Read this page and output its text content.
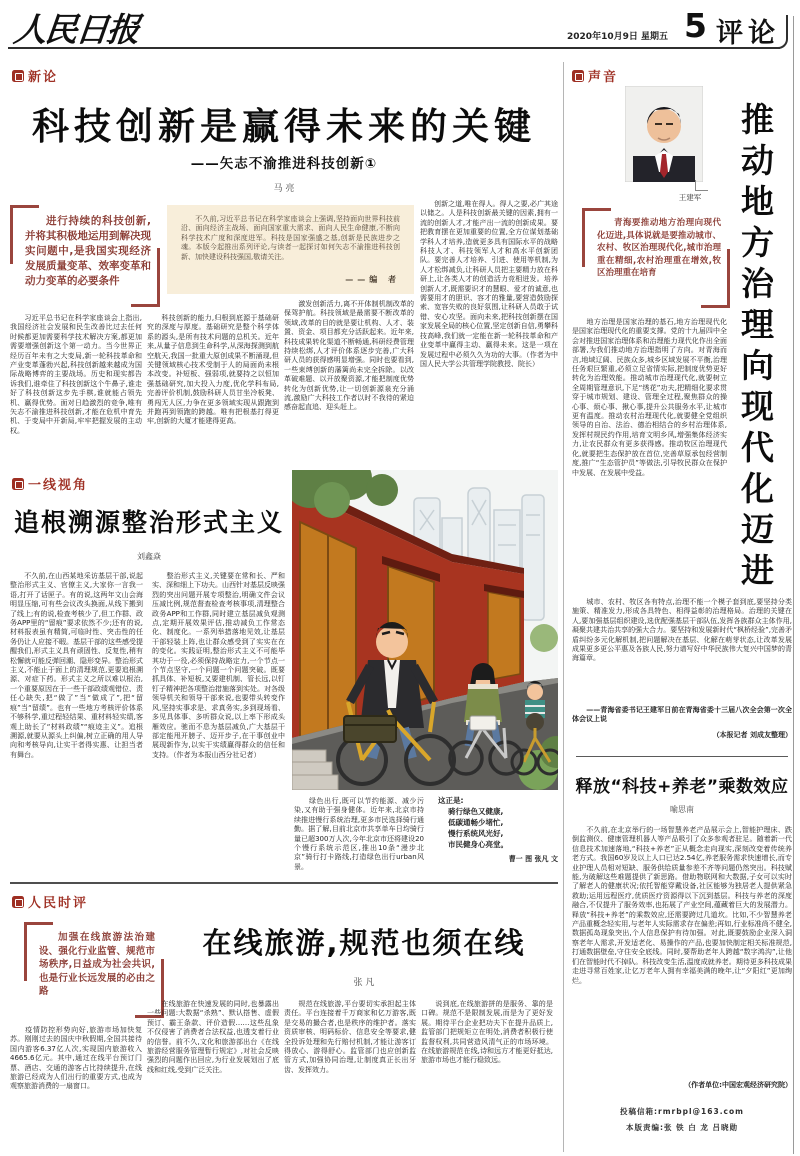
人民日报	2020年10月9日 星期五 5 评论
新论
科技创新是赢得未来的关键
——矢志不渝推进科技创新①
马 亮
进行持续的科技创新,并将其积极地运用到解决现实问题中,是我国实现经济发展质量变革、效率变革和动力变革的必要条件
　　不久前,习近平总书记在科学家座谈会上强调,坚持面向世界科技前沿、面向经济主战场、面向国家重大需求、面向人民生命健康,不断向科学技术广度和深度进军。科技是国家强盛之基,创新是民族进步之魂。本版今起推出系列评论,与读者一起探讨如何矢志不渝推进科技创新、加快建设科技强国,敬请关注。
——编 者
　　创新之道,唯在得人。得人之要,必广其途以储之。人是科技创新最关键的因素,拥有一流的创新人才,才能产出一流的创新成果。要把教育摆在更加重要的位置,全方位谋划基础学科人才培养,造就更多具有国际水平的战略科技人才、科技领军人才和高水平创新团队。要完善人才培养、引进、使用等机制,为人才松绑减负,让科研人员把主要精力放在科研上,让各类人才的创造活力竞相迸发。培养创新人才,既需要识才的慧眼、爱才的诚意,也需要用才的胆识、容才的雅量,要营造鼓励探索、宽容失败的良好氛围,让科研人员敢于试错、安心攻坚。面向未来,把科技创新摆在国家发展全局的核心位置,坚定创新自信,勇攀科技高峰,我们就一定能在新一轮科技革命和产业变革中赢得主动、赢得未来。这是一项在发展过程中必须久久为功的大事。（作者为中国人民大学公共管理学院教授、院长）
　　习近平总书记在科学家座谈会上指出,我国经济社会发展和民生改善比过去任何时候都更加需要科学技术解决方案,都更加需要增强创新这个第一动力。当今世界正经历百年未有之大变局,新一轮科技革命和产业变革蓬勃兴起,科技创新越来越成为国际战略博弈的主要战场。历史和现实都告诉我们,谁牵住了科技创新这个牛鼻子,谁走好了科技创新这步先手棋,谁就能占领先机、赢得优势。面对日趋激烈的竞争,唯有矢志不渝推进科技创新,才能在危机中育先机、于变局中开新局,牢牢把握发展的主动权。
　　科技创新的能力,归根到底源于基础研究的深度与厚度。基础研究是整个科学体系的源头,是所有技术问题的总机关。近年来,从量子信息到生命科学,从深海探测到航空航天,我国一批重大原创成果不断涌现,但关键领域核心技术受制于人的局面尚未根本改变。补短板、强弱项,就要持之以恒加强基础研究,加大投入力度,优化学科布局,完善评价机制,鼓励科研人员甘坐冷板凳、勇闯无人区,力争在更多领域实现从跟跑到并跑再到领跑的跨越。唯有把根基打得更牢,创新的大厦才能建得更高。
　　激发创新活力,离不开体制机制改革的保驾护航。科技领域是最需要不断改革的领域,改革的目的就是要让机构、人才、装置、资金、项目都充分活跃起来。近年来,科技成果转化渠道不断畅通,科研经费管理持续松绑,人才评价体系逐步完善,广大科研人员的获得感明显增强。同时也要看到,一些束缚创新的藩篱尚未完全拆除。以改革破难题、以开放聚资源,才能把制度优势转化为创新优势,让一切创新源泉充分涌流,激励广大科技工作者以时不我待的紧迫感奋起直追、迎头赶上。
一线视角
追根溯源整治形式主义
刘鑫焱
　　不久前,在山西某地采访基层干部,说起整治形式主义、官僚主义,大家你一言我一语,打开了话匣子。有的说,这两年文山会海明显压缩,可有些会议改头换面,从线下搬到了线上;有的说,检查考核少了,但工作群、政务APP里的“留痕”要求依然不少;还有的说,材料报表虽有精简,可临时性、突击性的任务仍让人应接不暇。基层干部的这些感受提醒我们,形式主义具有顽固性、反复性,稍有松懈就可能反弹回潮、隐形变异。整治形式主义,不能止于面上的清理规范,更要追根溯源、对症下药。形式主义之所以难以根治,一个重要原因在于一些干部政绩观错位、责任心缺失,把“做了”当“做成了”,把“留痕”当“留绩”。也有一些地方考核评价体系不够科学,重过程轻结果、重材料轻实绩,客观上助长了“材料政绩”“痕迹主义”。追根溯源,就要从源头上纠偏,树立正确的用人导向和考核导向,让实干者得实惠、让担当者有舞台。
　　整治形式主义,关键要在常和长、严和实、深和细上下功夫。山西针对基层反映强烈的突出问题开展专项整治,明确文件会议压减比例,规范督查检查考核事项,清理整合政务APP和工作群,同时建立基层减负观测点,定期开展效果评估,推动减负工作常态化、制度化。一系列举措落地见效,让基层干部轻装上阵,也让群众感受到了实实在在的变化。实践证明,整治形式主义不可能毕其功于一役,必须保持战略定力,一个节点一个节点坚守,一个问题一个问题突破。既要抓具体、补短板,又要建机制、管长远,以钉钉子精神把各项整治措施落到实处。对各级领导机关和领导干部来说,也要带头转变作风,坚持实事求是、求真务实,多到现场看、多见具体事、多听群众说,以上率下形成头雁效应。驰而不息为基层减负,广大基层干部定能甩开膀子、迈开步子,在干事创业中展现新作为,以实干实绩赢得群众的信任和支持。（作者为本报山西分社记者）
　　绿色出行,既可以节约能源、减少污染,又有助于强身健体。近年来,北京市持续推进慢行系统治理,更多市民选择骑行通勤。据了解,目前北京市共享单车日均骑行量已超300万人次,今年北京市还将建设20个慢行系统示范区,推出10条“漫步北京”骑行打卡路线,打造绿色出行urban风景。
这正是:
骑行绿色又健康,
低碳通畅少堵忙,
慢行系统风光好,
市民健身心亮堂。
曹一 图 张凡 文
人民时评
加强在线旅游法治建设、强化行业监管、规范市场秩序,日益成为社会共识,也是行业长远发展的必由之路
在线旅游,规范也须在线
张 凡
　　疫情防控形势向好,旅游市场加快复苏。刚刚过去的国庆中秋假期,全国共接待国内游客6.37亿人次,实现国内旅游收入4665.6亿元。其中,通过在线平台预订门票、酒店、交通的游客占比持续提升,在线旅游已经成为人们出行的重要方式,也成为观察旅游消费的一扇窗口。
　　在线旅游在快速发展的同时,也暴露出一些问题:大数据“杀熟”、默认搭售、虚假预订、霸王条款、评价造假……这些乱象不仅侵害了消费者合法权益,也透支着行业的信誉。前不久,文化和旅游部出台《在线旅游经营服务管理暂行规定》,对社会反映强烈的问题作出回应,为行业发展划出了底线和红线,受到广泛关注。
　　规范在线旅游,平台要切实承担起主体责任。平台连接着千万商家和亿万游客,既是交易的撮合者,也是秩序的维护者。落实资质审核、明码标价、信息安全等要求,健全投诉处理和先行赔付机制,才能让游客订得放心、游得舒心。监管部门也应创新监管方式,加强协同治理,让制度真正长出牙齿、发挥效力。
　　说到底,在线旅游拼的是服务、靠的是口碑。规范不是限制发展,而是为了更好发展。期待平台企业把功夫下在提升品质上,监管部门把规矩立在明处,消费者积极行使监督权利,共同营造风清气正的市场环境。在线旅游规范在线,诗和远方才能更好抵达,旅游市场也才能行稳致远。
声音
王建军	推动地方治理向现代化迈进
青海要推动地方治理向现代化迈进,具体说就是要推动城市、农村、牧区治理现代化,城市治理重在精细,农村治理重在增效,牧区治理重在培育
　　地方治理是国家治理的基石,地方治理现代化是国家治理现代化的重要支撑。党的十九届四中全会对推进国家治理体系和治理能力现代化作出全面部署,为我们推动地方治理指明了方向。对青海而言,地域辽阔、民族众多,城乡区域发展不平衡,治理任务艰巨繁重,必须立足省情实际,把制度优势更好转化为治理效能。推动城市治理现代化,就要树立全周期管理意识,下足“绣花”功夫,把精细化要求贯穿于城市规划、建设、管理全过程,聚焦群众的操心事、烦心事、揪心事,提升公共服务水平,让城市更有温度。推动农村治理现代化,就要健全党组织领导的自治、法治、德治相结合的乡村治理体系,发挥村规民约作用,培育文明乡风,增强集体经济实力,让农民群众有更多获得感。推动牧区治理现代化,就要把生态保护放在首位,完善草原承包经营制度,推广“生态管护员”等做法,引导牧民群众在保护中发展、在发展中受益。
　　城市、农村、牧区各有特点,治理不能一个模子套到底,要坚持分类施策、精准发力,形成各具特色、相得益彰的治理格局。治理的关键在人,要加强基层组织建设,选优配强基层干部队伍,发挥各族群众主体作用,凝聚共建共治共享的强大合力。要坚持和发展新时代“枫桥经验”,完善矛盾纠纷多元化解机制,把问题解决在基层、化解在萌芽状态,让改革发展成果更多更公平惠及各族人民,努力谱写好中华民族伟大复兴中国梦的青海篇章。
　　——青海省委书记王建军日前在青海省委十三届八次全会第一次全体会议上说
（本报记者 刘成友整理）
释放“科技+养老”乘数效应
喻思南
　　不久前,在北京举行的一场智慧养老产品展示会上,智能护理床、跌倒监测仪、健康管理机器人等产品吸引了众多参观者驻足。随着新一代信息技术加速落地,“科技+养老”正从概念走向现实,深刻改变着传统养老方式。我国60岁及以上人口已达2.54亿,养老服务需求快速增长,而专业护理人员相对短缺、服务供给质量参差不齐等问题仍然突出。科技赋能,为破解这些难题提供了新思路。借助物联网和大数据,子女可以实时了解老人的健康状况;依托智能穿戴设备,社区能够为独居老人提供紧急救助;运用远程医疗,优质医疗资源得以下沉到基层。科技与养老的深度融合,不仅提升了服务效率,也拓展了产业空间,蕴藏着巨大的发展潜力。释放“科技+养老”的乘数效应,还需要跨过几道坎。比如,不少智慧养老产品重概念轻实用,与老年人实际需求存在偏差;再如,行业标准尚不健全,数据孤岛现象突出,个人信息保护有待加强。对此,既要鼓励企业深入洞察老年人需求,开发适老化、易操作的产品,也要加快制定相关标准规范,打通数据壁垒,守住安全底线。同时,要帮助老年人跨越“数字鸿沟”,让他们在智能时代不掉队。科技改变生活,温度成就养老。期待更多科技成果走进寻常百姓家,让亿万老年人拥有幸福美满的晚年,让“夕阳红”更加绚烂。
（作者单位:中国宏观经济研究院）
投稿信箱:rmrbpl@163.com
本版责编:张 铁 白 龙 吕晓勋
